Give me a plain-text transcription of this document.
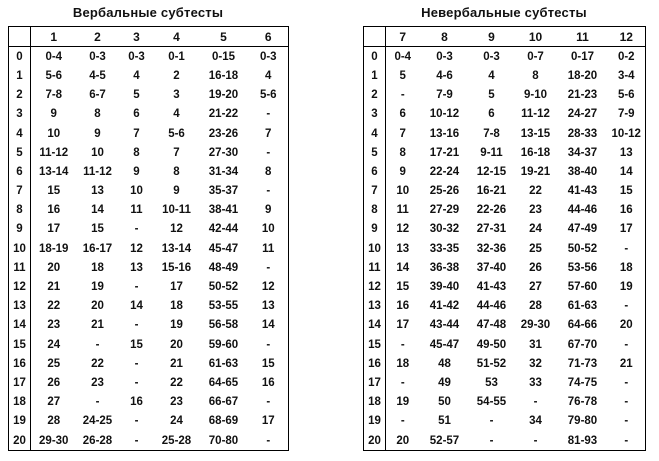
Вербальные субтесты
	1	2	3	4	5	6
0	0-4	0-3	0-3	0-1	0-15	0-3
1	5-6	4-5	4	2	16-18	4
2	7-8	6-7	5	3	19-20	5-6
3	9	8	6	4	21-22	-
4	10	9	7	5-6	23-26	7
5	11-12	10	8	7	27-30	-
6	13-14	11-12	9	8	31-34	8
7	15	13	10	9	35-37	-
8	16	14	11	10-11	38-41	9
9	17	15	-	12	42-44	10
10	18-19	16-17	12	13-14	45-47	11
11	20	18	13	15-16	48-49	-
12	21	19	-	17	50-52	12
13	22	20	14	18	53-55	13
14	23	21	-	19	56-58	14
15	24	-	15	20	59-60	-
16	25	22	-	21	61-63	15
17	26	23	-	22	64-65	16
18	27	-	16	23	66-67	-
19	28	24-25	-	24	68-69	17
20	29-30	26-28	-	25-28	70-80	-
Невербальные субтесты
	7	8	9	10	11	12
0	0-4	0-3	0-3	0-7	0-17	0-2
1	5	4-6	4	8	18-20	3-4
2	-	7-9	5	9-10	21-23	5-6
3	6	10-12	6	11-12	24-27	7-9
4	7	13-16	7-8	13-15	28-33	10-12
5	8	17-21	9-11	16-18	34-37	13
6	9	22-24	12-15	19-21	38-40	14
7	10	25-26	16-21	22	41-43	15
8	11	27-29	22-26	23	44-46	16
9	12	30-32	27-31	24	47-49	17
10	13	33-35	32-36	25	50-52	-
11	14	36-38	37-40	26	53-56	18
12	15	39-40	41-43	27	57-60	19
13	16	41-42	44-46	28	61-63	-
14	17	43-44	47-48	29-30	64-66	20
15	-	45-47	49-50	31	67-70	-
16	18	48	51-52	32	71-73	21
17	-	49	53	33	74-75	-
18	19	50	54-55	-	76-78	-
19	-	51	-	34	79-80	-
20	20	52-57	-	-	81-93	-
